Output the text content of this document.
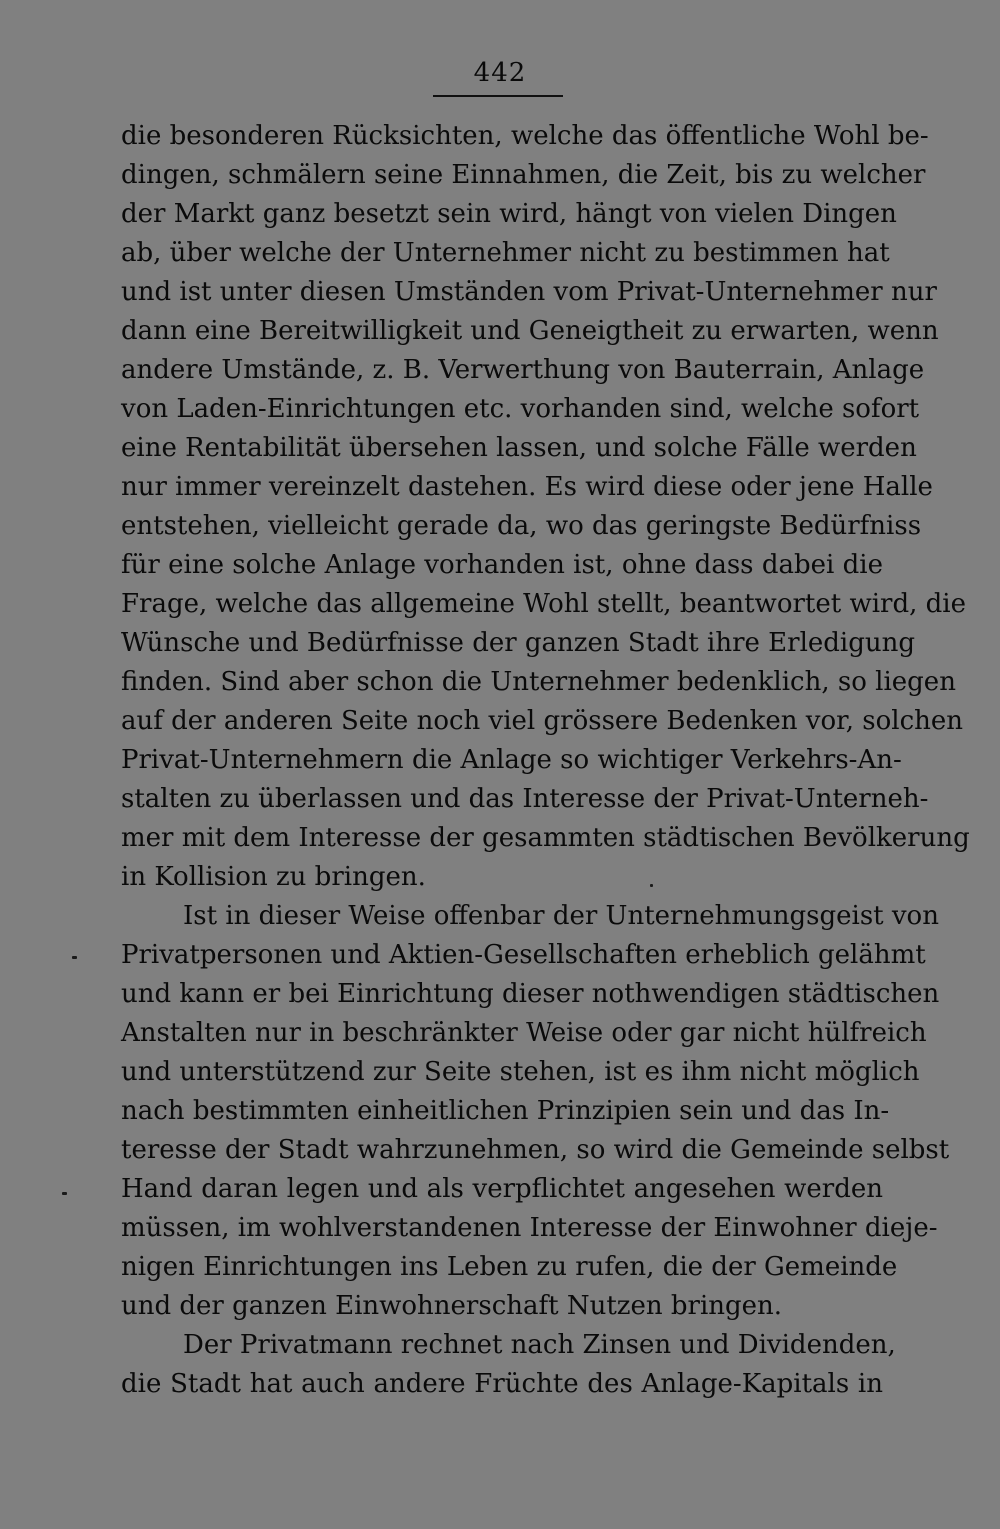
442
die besonderen Rücksichten, welche das öffentliche Wohl be-
dingen, schmälern seine Einnahmen, die Zeit, bis zu welcher
der Markt ganz besetzt sein wird, hängt von vielen Dingen
ab, über welche der Unternehmer nicht zu bestimmen hat
und ist unter diesen Umständen vom Privat-Unternehmer nur
dann eine Bereitwilligkeit und Geneigtheit zu erwarten, wenn
andere Umstände, z. B. Verwerthung von Bauterrain, Anlage
von Laden-Einrichtungen etc. vorhanden sind, welche sofort
eine Rentabilität übersehen lassen, und solche Fälle werden
nur immer vereinzelt dastehen. Es wird diese oder jene Halle
entstehen, vielleicht gerade da, wo das geringste Bedürfniss
für eine solche Anlage vorhanden ist, ohne dass dabei die
Frage, welche das allgemeine Wohl stellt, beantwortet wird, die
Wünsche und Bedürfnisse der ganzen Stadt ihre Erledigung
finden. Sind aber schon die Unternehmer bedenklich, so liegen
auf der anderen Seite noch viel grössere Bedenken vor, solchen
Privat-Unternehmern die Anlage so wichtiger Verkehrs-An-
stalten zu überlassen und das Interesse der Privat-Unterneh-
mer mit dem Interesse der gesammten städtischen Bevölkerung
in Kollision zu bringen.
Ist in dieser Weise offenbar der Unternehmungsgeist von
Privatpersonen und Aktien-Gesellschaften erheblich gelähmt
und kann er bei Einrichtung dieser nothwendigen städtischen
Anstalten nur in beschränkter Weise oder gar nicht hülfreich
und unterstützend zur Seite stehen, ist es ihm nicht möglich
nach bestimmten einheitlichen Prinzipien sein und das In-
teresse der Stadt wahrzunehmen, so wird die Gemeinde selbst
Hand daran legen und als verpflichtet angesehen werden
müssen, im wohlverstandenen Interesse der Einwohner dieje-
nigen Einrichtungen ins Leben zu rufen, die der Gemeinde
und der ganzen Einwohnerschaft Nutzen bringen.
Der Privatmann rechnet nach Zinsen und Dividenden,
die Stadt hat auch andere Früchte des Anlage-Kapitals in
